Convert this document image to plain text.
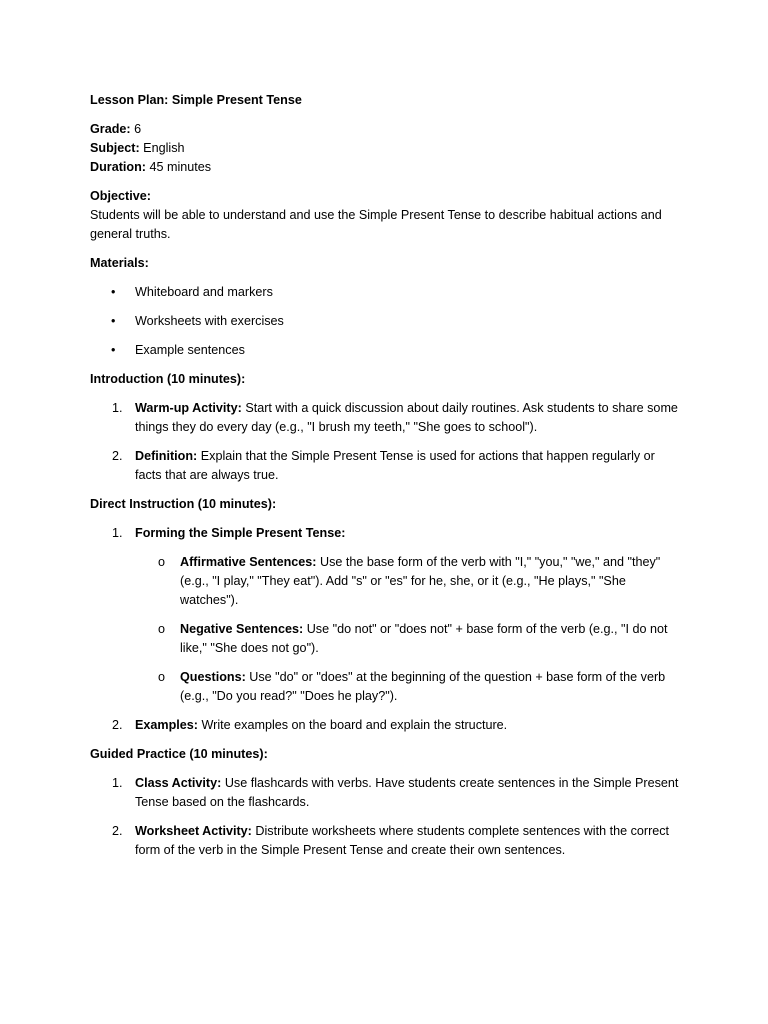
Lesson Plan: Simple Present Tense

Grade: 6

Subject: English

Duration: 45 minutes

Objective:

Students will be able to understand and use the Simple Present Tense to describe habitual actions and general truths.

Materials:

• Whiteboard and markers
• Worksheets with exercises
• Example sentences

Introduction (10 minutes):

1. Warm-up Activity: Start with a quick discussion about daily routines. Ask students to share some things they do every day (e.g., "I brush my teeth," "She goes to school").
2. Definition: Explain that the Simple Present Tense is used for actions that happen regularly or facts that are always true.

Direct Instruction (10 minutes):

1. Forming the Simple Present Tense:
o Affirmative Sentences: Use the base form of the verb with "I," "you," "we," and "they" (e.g., "I play," "They eat"). Add "s" or "es" for he, she, or it (e.g., "He plays," "She watches").
o Negative Sentences: Use "do not" or "does not" + base form of the verb (e.g., "I do not like," "She does not go").
o Questions: Use "do" or "does" at the beginning of the question + base form of the verb (e.g., "Do you read?" "Does he play?").
2. Examples: Write examples on the board and explain the structure.

Guided Practice (10 minutes):

1. Class Activity: Use flashcards with verbs. Have students create sentences in the Simple Present Tense based on the flashcards.
2. Worksheet Activity: Distribute worksheets where students complete sentences with the correct form of the verb in the Simple Present Tense and create their own sentences.
